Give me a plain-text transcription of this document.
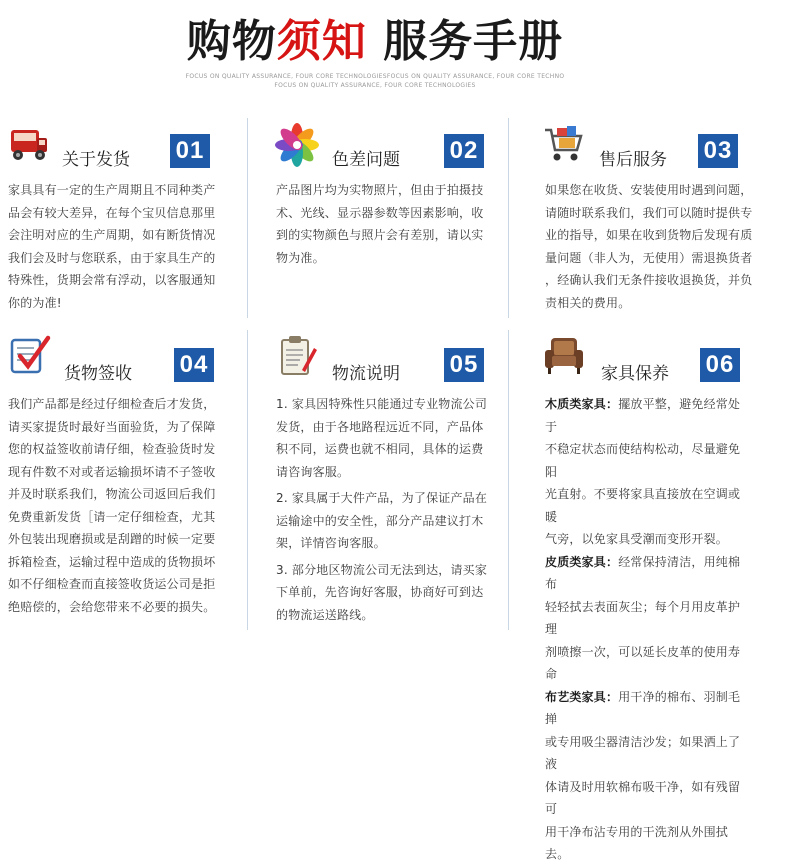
购物须知 服务手册
FOCUS ON QUALITY ASSURANCE, FOUR CORE TECHNOLOGIESFOCUS ON QUALITY ASSURANCE, FOUR CORE TECHNO
FOCUS ON QUALITY ASSURANCE, FOUR CORE TECHNOLOGIES
关于发货 01

家具具有一定的生产周期且不同种类产

品会有较大差异，在每个宝贝信息那里

会注明对应的生产周期，如有断货情况

我们会及时与您联系，由于家具生产的

特殊性，货期会常有浮动，以客服通知

你的为准!

色差问题 02

产品图片均为实物照片，但由于拍摄技

术、光线、显示器参数等因素影响，收

到的实物颜色与照片会有差别，请以实

物为准。

售后服务 03

如果您在收货、安装使用时遇到问题，

请随时联系我们，我们可以随时提供专

业的指导，如果在收到货物后发现有质

量问题（非人为，无使用）需退换货者

，经确认我们无条件接收退换货，并负

责相关的费用。

货物签收 04

我们产品都是经过仔细检查后才发货，

请买家提货时最好当面验货，为了保障

您的权益签收前请仔细，检查验货时发

现有件数不对或者运输损坏请不子签收

并及时联系我们，物流公司返回后我们

免费重新发货［请一定仔细检查，尤其

外包装出现磨损或是刮蹭的时候一定要

拆箱检查，运输过程中造成的货物损坏

如不仔细检查而直接签收货运公司是拒

绝赔偿的，会给您带来不必要的损失。

物流说明 05

1. 家具因特殊性只能通过专业物流公司

发货，由于各地路程远近不同，产品体

积不同，运费也就不相同，具体的运费

请咨询客服。

2. 家具属于大件产品，为了保证产品在

运输途中的安全性，部分产品建议打木

架，详情咨询客服。

3. 部分地区物流公司无法到达，请买家

下单前，先咨询好客服，协商好可到达

的物流运送路线。

家具保养 06

木质类家具：擺放平整，避免经常处于

不稳定状态而使结构松动，尽量避免阳

光直射。不要将家具直接放在空调或暖

气旁，以免家具受潮而变形开裂。

皮质类家具：经常保持清洁，用纯棉布

轻轻拭去表面灰尘；每个月用皮革护理

剂喷擦一次，可以延长皮革的使用寿命

布艺类家具：用干净的棉布、羽制毛掸

或专用吸尘器清洁沙发；如果洒上了液

体请及时用软棉布吸干净，如有残留可

用干净布沾专用的干洗剂从外围拭去。
